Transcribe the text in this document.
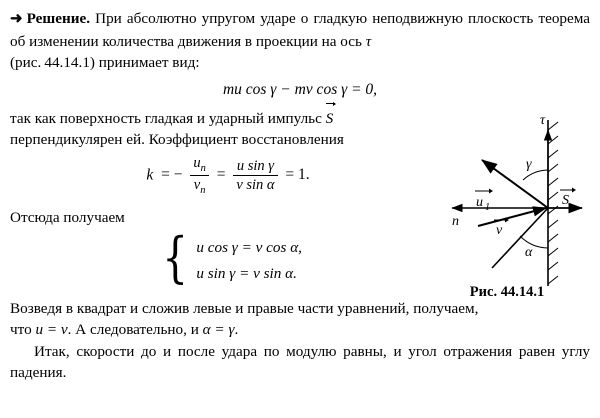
➜ Решение. При абсолютно упругом ударе о гладкую неподвижную плоскость теорема об изменении количества движения в проекции на ось τ
(рис. 44.14.1) принимает вид:

mu cos γ − mv cos γ = 0,

так как поверхность гладкая и ударный импульс
S
перпендикулярен ей. Коэффициент восстановления

k = − $\frac{u_n}{v_n} = \frac{\text{u sin γ}}{\text{v sin α}} = 1$.

Отсюда получаем

{ u cos γ = v cos α,
u sin γ = v sin α.
τ
γ
α
n
u 1
v
S
Рис. 44.14.1

Возведя в квадрат и сложив левые и правые части уравнений, получаем,
что u = v. А следовательно, и α = γ.

Итак, скорости до и после удара по модулю равны, и угол отражения равен углу падения.
